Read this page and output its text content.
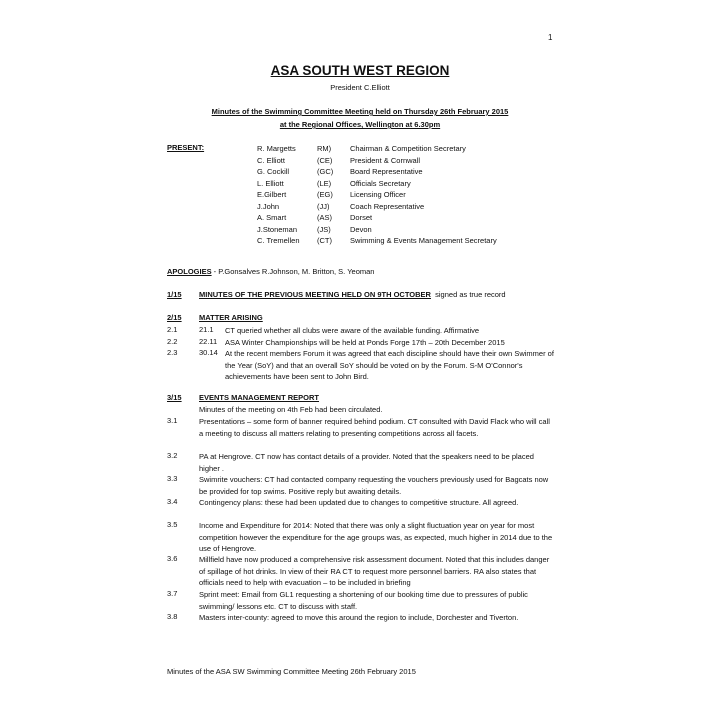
1
ASA SOUTH WEST REGION
President C.Elliott
Minutes of the Swimming Committee Meeting held on Thursday 26th February 2015
at the Regional Offices, Wellington at 6.30pm
PRESENT:	R. Margetts	RM)	Chairman & Competition Secretary
C. Elliott	(CE)	President & Cornwall
G. Cockill	(GC)	Board Representative
L. Elliott	(LE)	Officials Secretary
E.Gilbert	(EG)	Licensing Officer
J.John	(JJ)	Coach Representative
A. Smart	(AS)	Dorset
J.Stoneman	(JS)	Devon
C. Tremellen	(CT)	Swimming & Events Management Secretary
APOLOGIES - P.Gonsalves R.Johnson, M. Britton, S. Yeoman
1/15 MINUTES OF THE PREVIOUS MEETING HELD ON 9TH OCTOBER signed as true record
2/15 MATTER ARISING
2.1	21.1 CT queried whether all clubs were aware of the available funding. Affirmative
2.2	22.11 ASA Winter Championships will be held at Ponds Forge 17th – 20th December 2015
2.3	30.14 At the recent members Forum it was agreed that each discipline should have their own Swimmer of the Year (SoY) and that an overall SoY should be voted on by the Forum. S-M O'Connor's achievements have been sent to John Bird.
3/15 EVENTS MANAGEMENT REPORT
Minutes of the meeting on 4th Feb had been circulated.
3.1	Presentations – some form of banner required behind podium. CT consulted with David Flack who will call a meeting to discuss all matters relating to presenting competitions across all facets.
3.2	PA at Hengrove. CT now has contact details of a provider. Noted that the speakers need to be placed higher .
3.3	Swimrite vouchers: CT had contacted company requesting the vouchers previously used for Bagcats now be provided for top swims. Positive reply but awaiting details.
3.4	Contingency plans: these had been updated due to changes to competitive structure. All agreed.
3.5	Income and Expenditure for 2014: Noted that there was only a slight fluctuation year on year for most competition however the expenditure for the age groups was, as expected, much higher in 2014 due to the use of Hengrove.
3.6	Millfield have now produced a comprehensive risk assessment document. Noted that this includes danger of spillage of hot drinks. In view of their RA CT to request more personnel barriers. RA also states that officials need to help with evacuation – to be included in briefing
3.7	Sprint meet: Email from GL1 requesting a shortening of our booking time due to pressures of public swimming/ lessons etc. CT to discuss with staff.
3.8	Masters inter-county: agreed to move this around the region to include, Dorchester and Tiverton.
Minutes of the ASA SW Swimming Committee Meeting 26th February 2015
